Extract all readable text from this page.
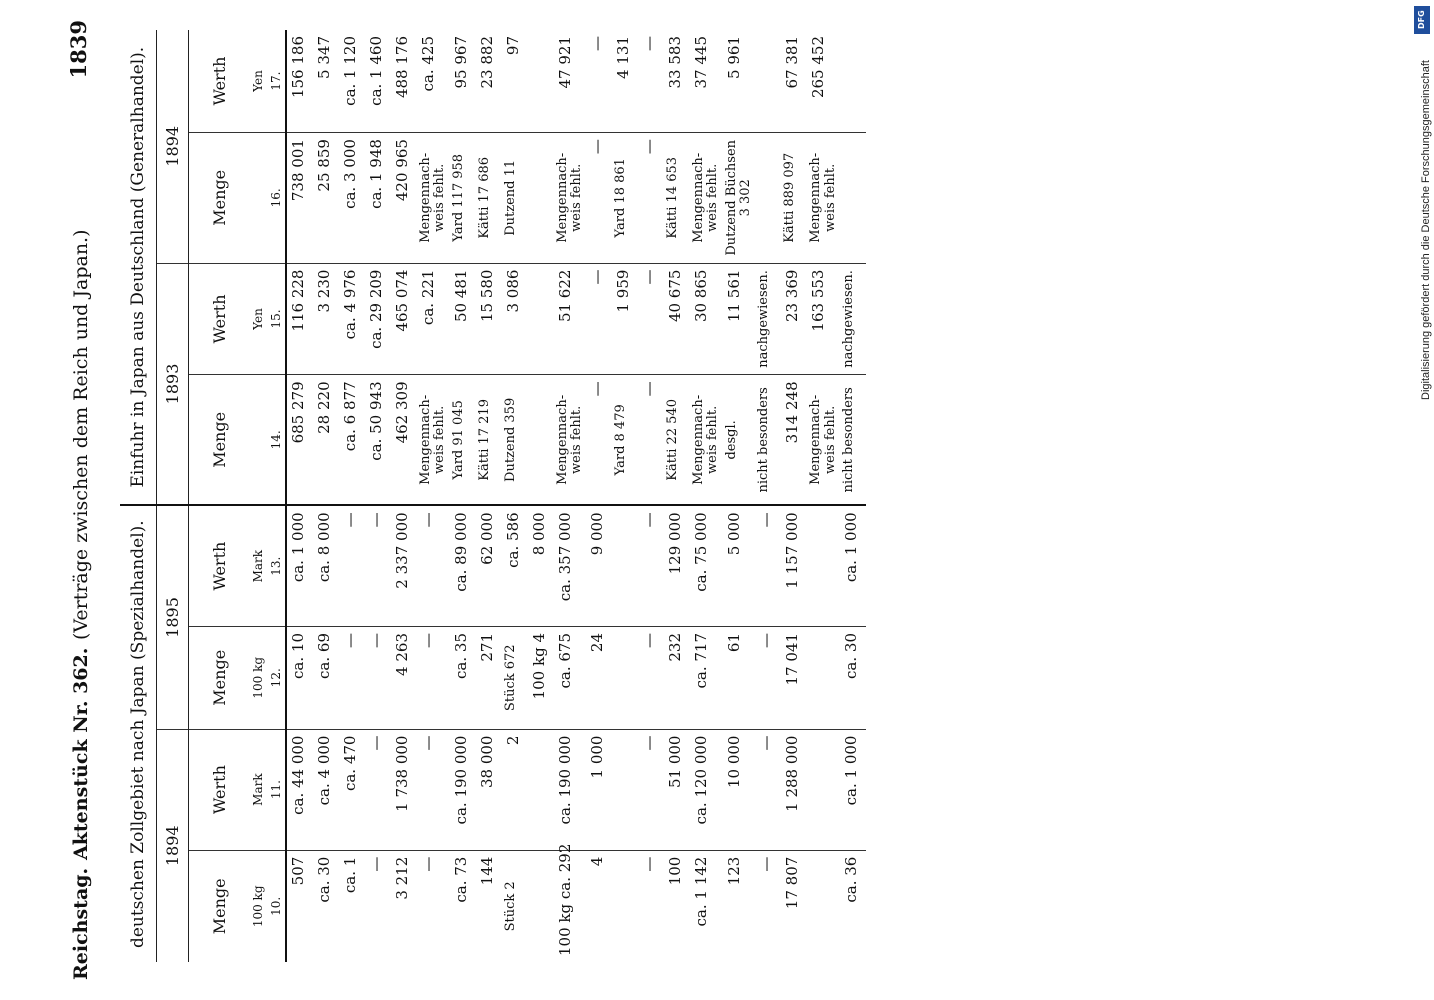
Reichstag.
Aktenstück Nr. 362.
(Verträge zwischen dem Reich und Japan.)
1839
deutschen Zollgebiet nach Japan (Spezialhandel).				Einfuhr in Japan aus Deutschland (Generalhandel).			
1894		1895		1893		1894	
Menge	Werth	Menge	Werth	Menge	Werth	Menge	Werth
100 kg	Mark	100 kg	Mark		Yen		Yen
10.	11.	12.	13.	14.	15.	16.	17.
507	ca. 44 000	ca. 10	ca. 1 000	685 279	116 228	738 001	156 186
ca. 30	ca. 4 000	ca. 69	ca. 8 000	28 220	3 230	25 859	5 347
ca. 1	ca. 470	—	—	ca. 6 877	ca. 4 976	ca. 3 000	ca. 1 120
—	—	—	—	ca. 50 943	ca. 29 209	ca. 1 948	ca. 1 460
3 212	1 738 000	4 263	2 337 000	462 309	465 074	420 965	488 176
—	—	—	—	Mengennach-weis fehlt.	ca. 221	Mengennach-weis fehlt.	ca. 425
ca. 73	ca. 190 000	ca. 35	ca. 89 000	Yard 91 045	50 481	Yard 117 958	95 967
144	38 000	271	62 000	Kätti 17 219	15 580	Kätti 17 686	23 882
Stück 2	2	Stück 672	ca. 586	Dutzend 359	3 086	Dutzend 11	97
		100 kg 4	8 000				
100 kg ca. 292	ca. 190 000	ca. 675	ca. 357 000	Mengennach-weis fehlt.	51 622	Mengennach-weis fehlt.	47 921
4	1 000	24	9 000	—	—	—	—
				Yard 8 479	1 959	Yard 18 861	4 131
—	—	—	—	—	—	—	—
100	51 000	232	129 000	Kätti 22 540	40 675	Kätti 14 653	33 583
ca. 1 142	ca. 120 000	ca. 717	ca. 75 000	Mengennach-weis fehlt.	30 865	Mengennach-weis fehlt.	37 445
123	10 000	61	5 000	desgl.	11 561	Dutzend Büchsen 3 302	5 961
—	—	—	—	nicht besonders	nachgewiesen.		
17 807	1 288 000	17 041	1 157 000	314 248	23 369	Kätti 889 097	67 381
				Mengennach-weis fehlt.	163 553	Mengennach-weis fehlt.	265 452
ca. 36	ca. 1 000	ca. 30	ca. 1 000	nicht besonders	nachgewiesen.		
DFG
Digitalisierung gefördert durch die Deutsche Forschungsgemeinschaft
